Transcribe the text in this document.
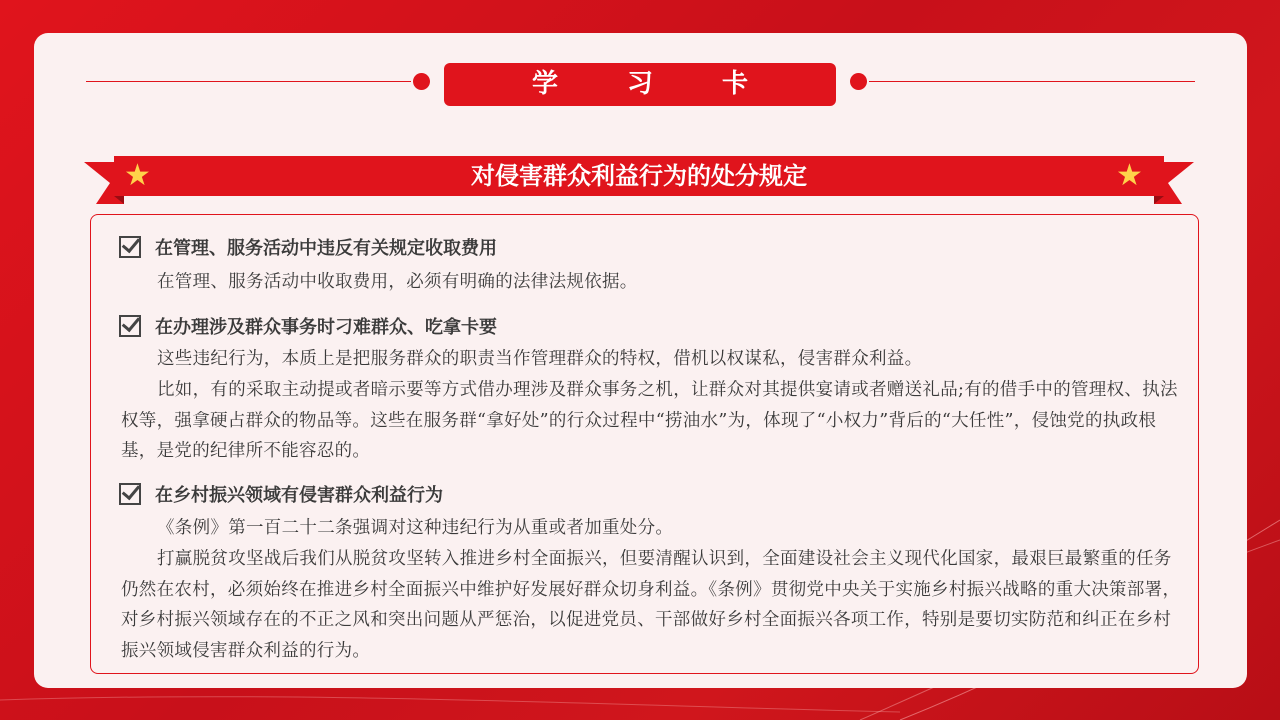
学 习 卡
★	★
对侵害群众利益行为的处分规定
在管理、服务活动中违反有关规定收取费用
在管理、服务活动中收取费用，必须有明确的法律法规依据。
在办理涉及群众事务时刁难群众、吃拿卡要
这些违纪行为，本质上是把服务群众的职责当作管理群众的特权，借机以权谋私，侵害群众利益。
比如，有的采取主动提或者暗示要等方式借办理涉及群众事务之机，让群众对其提供宴请或者赠送礼品;有的借手中的管理权、执法权等，强拿硬占群众的物品等。这些在服务群“拿好处”的行众过程中“捞油水”为，体现了“小权力”背后的“大任性”，侵蚀党的执政根基，是党的纪律所不能容忍的。
在乡村振兴领域有侵害群众利益行为
《条例》第一百二十二条强调对这种违纪行为从重或者加重处分。
打赢脱贫攻坚战后我们从脱贫攻坚转入推进乡村全面振兴，但要清醒认识到，全面建设社会主义现代化国家，最艰巨最繁重的任务仍然在农村，必须始终在推进乡村全面振兴中维护好发展好群众切身利益。《条例》贯彻党中央关于实施乡村振兴战略的重大决策部署，对乡村振兴领域存在的不正之风和突出问题从严惩治，以促进党员、干部做好乡村全面振兴各项工作，特别是要切实防范和纠正在乡村振兴领域侵害群众利益的行为。
